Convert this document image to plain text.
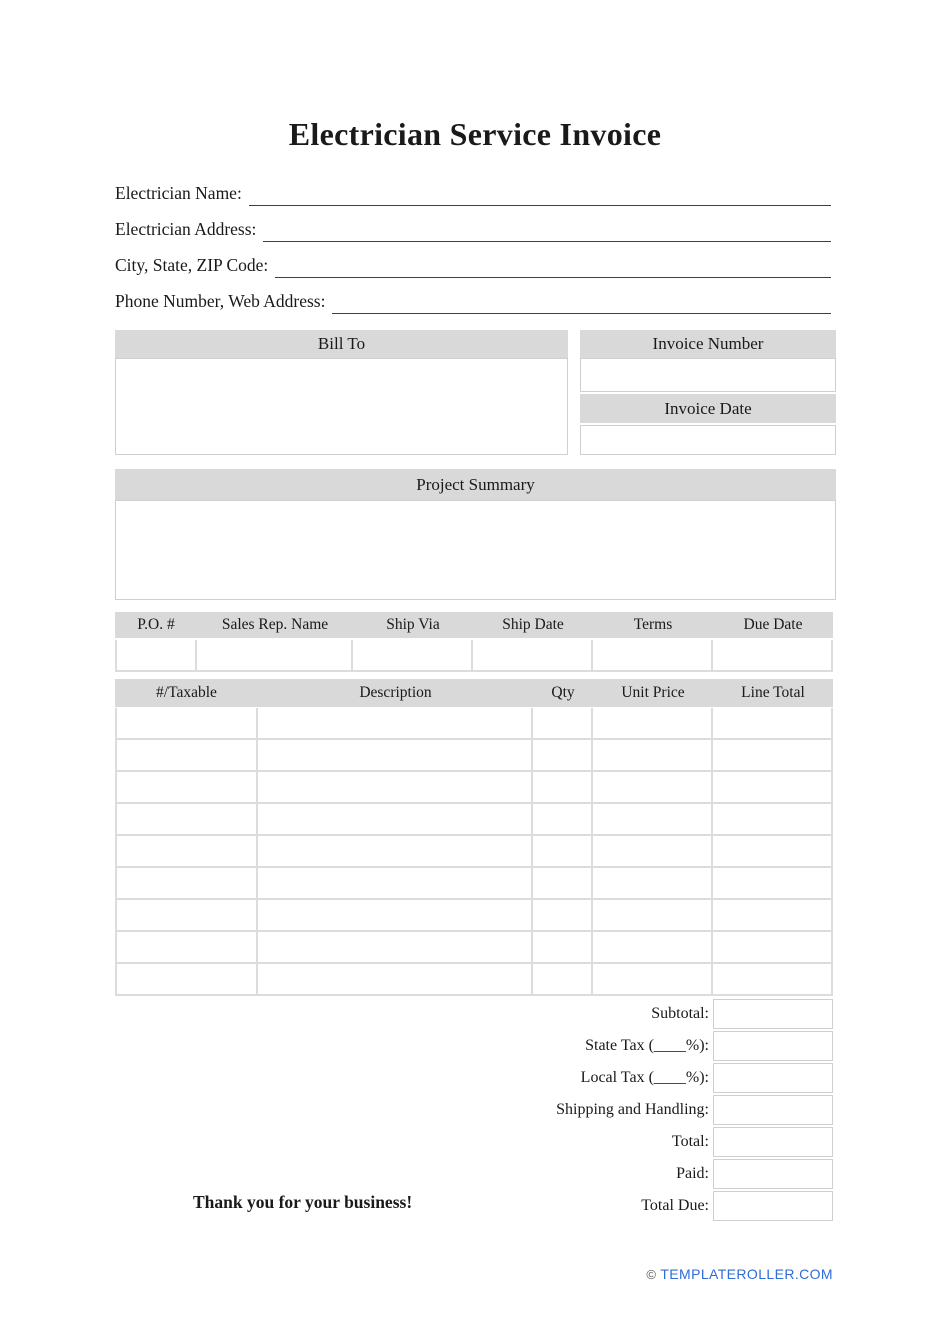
Electrician Service Invoice
Electrician Name:
Electrician Address:
City, State, ZIP Code:
Phone Number, Web Address:
Bill To	Invoice Number
Invoice Date
Project Summary
P.O. #	Sales Rep. Name	Ship Via	Ship Date	Terms	Due Date
#/Taxable	Description	Qty	Unit Price	Line Total
Subtotal:
State Tax (____%):
Local Tax (____%):
Shipping and Handling:
Total:
Paid:
Total Due:
Thank you for your business!
© TEMPLATEROLLER.COM
